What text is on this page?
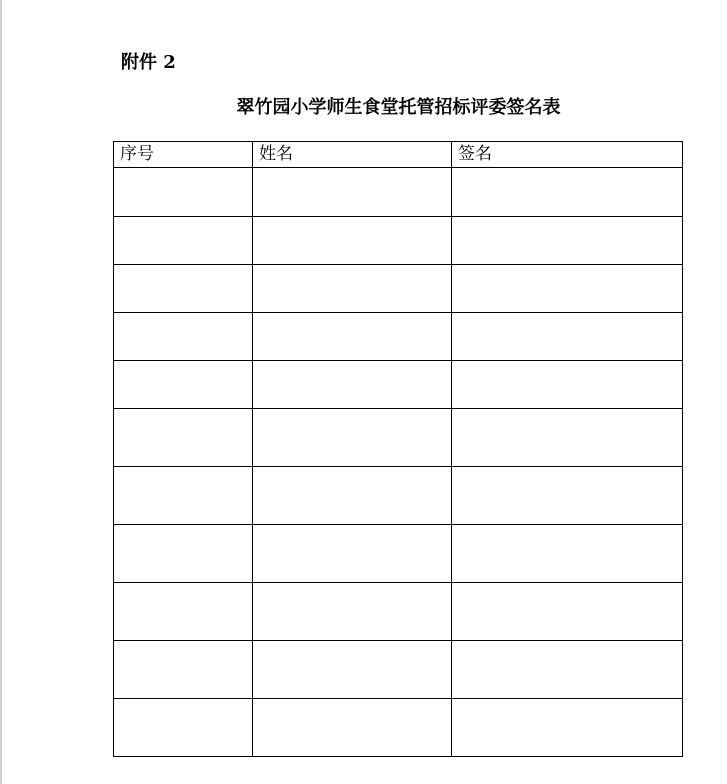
附件 2
翠竹园小学师生食堂托管招标评委签名表
序号	姓名	签名
